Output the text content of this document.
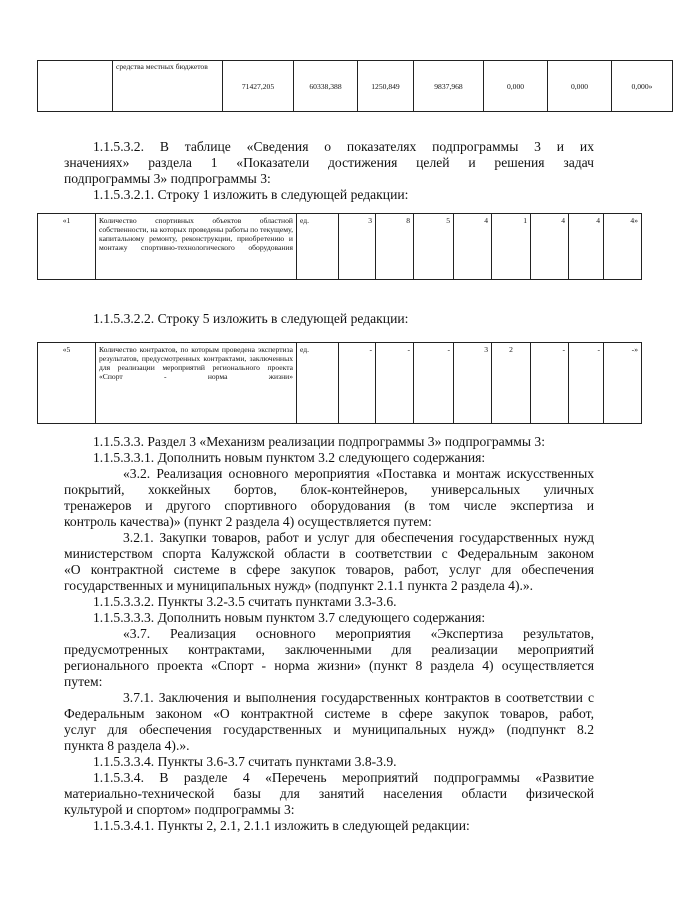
	средства местных бюджетов	71427,205	60338,388	1250,849	9837,968	0,000	0,000	0,000»
1.1.5.3.2. В таблице «Сведения о показателях подпрограммы 3 и их
значениях» раздела 1 «Показатели достижения целей и решения задач
подпрограммы 3» подпрограммы 3:
1.1.5.3.2.1. Строку 1 изложить в следующей редакции:
«1	Количество спортивных объектов областной собственности, на которых проведены работы по текущему, капитальному ремонту, реконструкции, приобретению и монтажу спортивно-технологического оборудования	ед.	3	8	5	4	1	4	4	4»
1.1.5.3.2.2. Строку 5 изложить в следующей редакции:
«5	Количество контрактов, по которым проведена экспертиза результатов, предусмотренных контрактами, заключенных для реализации мероприятий регионального проекта «Спорт - норма жизни»	ед.	-	-	-	3	2	-	-	-»
1.1.5.3.3. Раздел 3 «Механизм реализации подпрограммы 3» подпрограммы 3:
1.1.5.3.3.1. Дополнить новым пунктом 3.2 следующего содержания:
«3.2. Реализация основного мероприятия «Поставка и монтаж искусственных
покрытий, хоккейных бортов, блок-контейнеров, универсальных уличных
тренажеров и другого спортивного оборудования (в том числе экспертиза и
контроль качества)» (пункт 2 раздела 4) осуществляется путем:
3.2.1. Закупки товаров, работ и услуг для обеспечения государственных нужд
министерством спорта Калужской области в соответствии с Федеральным законом
«О контрактной системе в сфере закупок товаров, работ, услуг для обеспечения
государственных и муниципальных нужд» (подпункт 2.1.1 пункта 2 раздела 4).».
1.1.5.3.3.2. Пункты 3.2-3.5 считать пунктами 3.3-3.6.
1.1.5.3.3.3. Дополнить новым пунктом 3.7 следующего содержания:
«3.7. Реализация основного мероприятия «Экспертиза результатов,
предусмотренных контрактами, заключенными для реализации мероприятий
регионального проекта «Спорт - норма жизни» (пункт 8 раздела 4) осуществляется
путем:
3.7.1. Заключения и выполнения государственных контрактов в соответствии с
Федеральным законом «О контрактной системе в сфере закупок товаров, работ,
услуг для обеспечения государственных и муниципальных нужд» (подпункт 8.2
пункта 8 раздела 4).».
1.1.5.3.3.4. Пункты 3.6-3.7 считать пунктами 3.8-3.9.
1.1.5.3.4. В разделе 4 «Перечень мероприятий подпрограммы «Развитие
материально-технической базы для занятий населения области физической
культурой и спортом» подпрограммы 3:
1.1.5.3.4.1. Пункты 2, 2.1, 2.1.1 изложить в следующей редакции:
